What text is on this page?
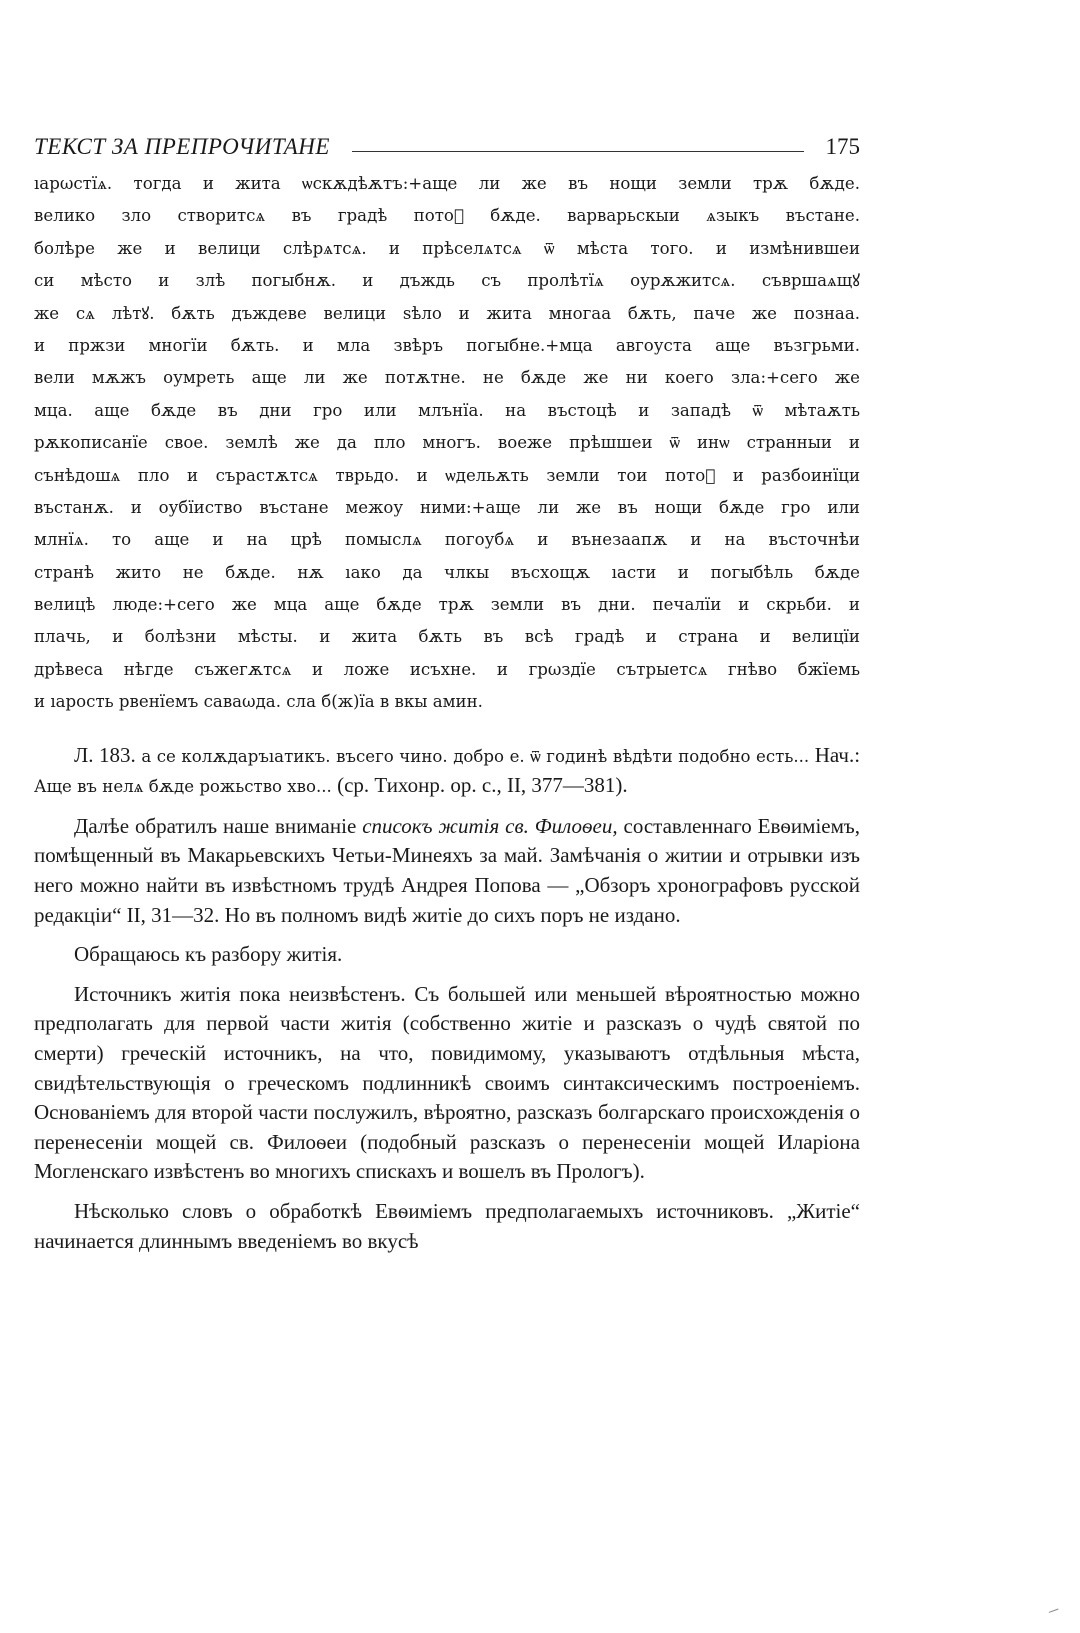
ТЕКСТ ЗА ПРЕПРОЧИТАНЕ	175
ıарωстїѧ. тогда и жита ѡскѫдѣѫтъ:+аще ли же въ нощи земли трѫ бѫде.
велико зло створитсѧ въ градѣ потоⷨ бѫде. варварьскыи ѧзыкъ въстане.
болѣре же и велици слѣрѧтсѧ. и прѣселѧтсѧ ѿ мѣста того. и измѣнившеи
си мѣсто и злѣ погыбнѫ. и дъждь съ пролѣтїѧ оурѫжитсѧ. съвршаѧщꙋ
же сѧ лѣтꙋ. бѫть дъждеве велици ѕѣло и жита многаа бѫть, паче же познаа.
и пржзи многїи бѫть. и мла звѣръ погыбне.+мца авгоуста аще възгрьми.
вели мѫжъ оумреть аще ли же потѫтне. не бѫде же ни коего зла:+сего же
мца. аще бѫде въ дни гро или млънїа. на въстоцѣ и западѣ ѿ мѣтаѫть
рѫкописанїе свое. землѣ же да пло многъ. воеже прѣшшеи ѿ инѡ странныи и
сънѣдошѧ пло и сърастѫтсѧ тврьдо. и ѡдельѫть земли тои потоⷨ и разбоинїци
въстанѫ. и оубїиство въстане межоу ними:+аще ли же въ нощи бѫде гро или
млнїѧ. то аще и на црѣ помыслѧ погоубѧ и вънезаапѫ и на въсточнѣи
странѣ жито не бѫде. нѫ ıако да члкы въсхощѫ ıасти и погыбѣль бѫде
велицѣ люде:+сего же мца аще бѫде трѫ земли въ дни. печалїи и скрьби. и
плачь, и болѣзни мѣсты. и жита бѫть въ всѣ градѣ и страна и велицїи
дрѣвеса нѣгде съжегѫтсѧ и ложе исъхне. и грωздїе сътрыетсѧ гнѣво бжїемь
и ıарость рвенїемъ саваωда. сла б(ж)їа в вкы амин.

Л. 183. а се колѫдаръıатикъ. въсего чино. добро е. ѿ годинѣ вѣдѣти подобно есть... Нач.: Аще въ нелѧ бѫде рожьство хво... (ср. Тихонр. ор. с., II, 377—381).

Далѣе обратилъ наше вниманіе списокъ житія св. Филоѳеи, составленнаго Евѳиміемъ, помѣщенный въ Макарьевскихъ Четьи-Минеяхъ за май. Замѣчанія о житии и отрывки изъ него можно найти въ извѣстномъ трудѣ Андрея Попова — „Обзоръ хронографовъ русской редакціи“ II, 31—32. Но въ полномъ видѣ житіе до сихъ поръ не издано.

Обращаюсь къ разбору житія.

Источникъ житія пока неизвѣстенъ. Съ большей или меньшей вѣроятностью можно предполагать для первой части житія (собственно житіе и разсказъ о чудѣ святой по смерти) греческій источникъ, на что, повидимому, указываютъ отдѣльныя мѣста, свидѣтельствующія о греческомъ подлинникѣ своимъ синтаксическимъ построеніемъ. Основаніемъ для второй части послужилъ, вѣроятно, разсказъ болгарскаго происхожденія о перенесеніи мощей св. Филоѳеи (подобный разсказъ о перенесеніи мощей Иларіона Могленскаго извѣстенъ во многихъ спискахъ и вошелъ въ Прологъ).

Нѣсколько словъ о обработкѣ Евѳиміемъ предполагаемыхъ источниковъ. „Житіе“ начинается длиннымъ введеніемъ во вкусѣ
